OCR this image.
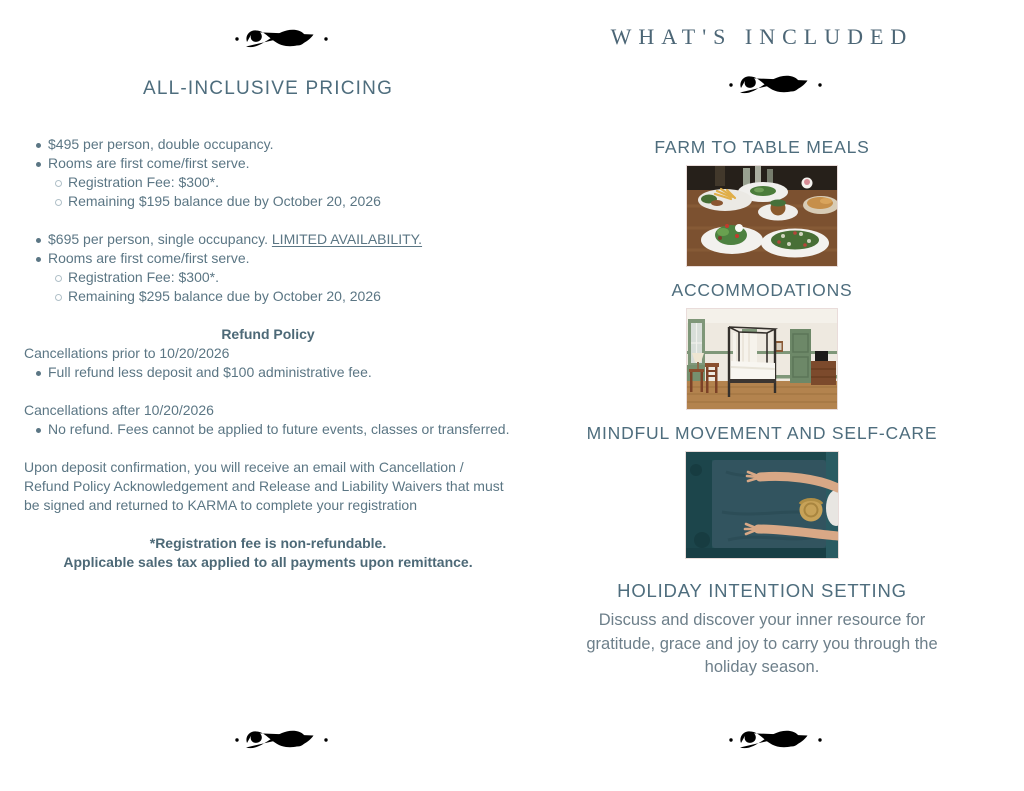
ALL-INCLUSIVE PRICING
$495 per person, double occupancy.
Rooms are first come/first serve.
Registration Fee: $300*.
Remaining $195 balance due by October 20, 2026
$695 per person, single occupancy. LIMITED AVAILABILITY.
Rooms are first come/first serve.
Registration Fee: $300*.
Remaining $295 balance due by October 20, 2026
Refund Policy
Cancellations prior to 10/20/2026
Full refund less deposit and $100 administrative fee.
Cancellations after 10/20/2026
No refund. Fees cannot be applied to future events, classes or transferred.
Upon deposit confirmation, you will receive an email with Cancellation / Refund Policy Acknowledgement and Release and Liability Waivers that must be signed and returned to KARMA to complete your registration
*Registration fee is non-refundable.
Applicable sales tax applied to all payments upon remittance.
WHAT'S INCLUDED
FARM TO TABLE MEALS
ACCOMMODATIONS
MINDFUL MOVEMENT AND SELF-CARE
HOLIDAY INTENTION SETTING

Discuss and discover your inner resource for gratitude, grace and joy to carry you through the holiday season.
